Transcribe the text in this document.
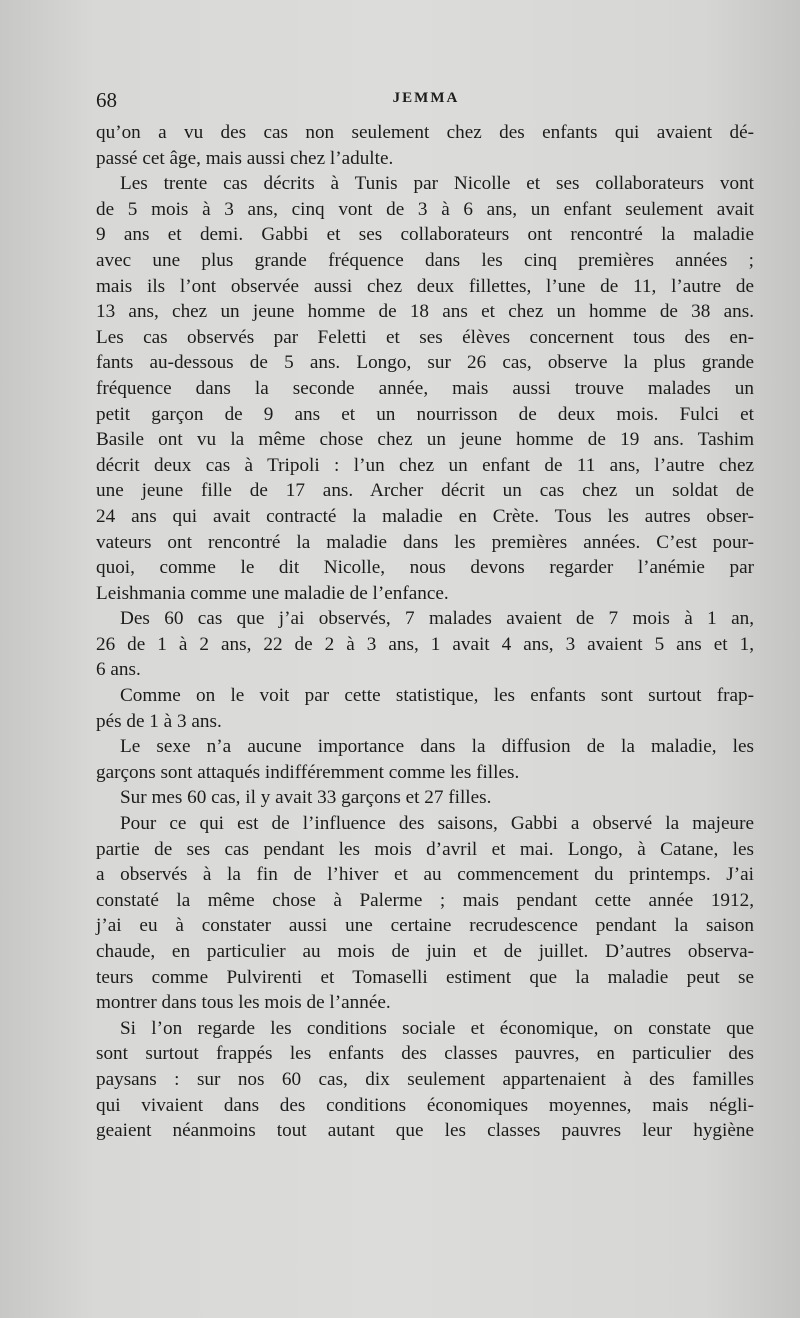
68	JEMMA
qu’on a vu des cas non seulement chez des enfants qui avaient dé-
passé cet âge, mais aussi chez l’adulte.
Les trente cas décrits à Tunis par Nicolle et ses collaborateurs vont
de 5 mois à 3 ans, cinq vont de 3 à 6 ans, un enfant seulement avait
9 ans et demi. Gabbi et ses collaborateurs ont rencontré la maladie
avec une plus grande fréquence dans les cinq premières années ;
mais ils l’ont observée aussi chez deux fillettes, l’une de 11, l’autre de
13 ans, chez un jeune homme de 18 ans et chez un homme de 38 ans.
Les cas observés par Feletti et ses élèves concernent tous des en-
fants au-dessous de 5 ans. Longo, sur 26 cas, observe la plus grande
fréquence dans la seconde année, mais aussi trouve malades un
petit garçon de 9 ans et un nourrisson de deux mois. Fulci et
Basile ont vu la même chose chez un jeune homme de 19 ans. Tashim
décrit deux cas à Tripoli : l’un chez un enfant de 11 ans, l’autre chez
une jeune fille de 17 ans. Archer décrit un cas chez un soldat de
24 ans qui avait contracté la maladie en Crète. Tous les autres obser-
vateurs ont rencontré la maladie dans les premières années. C’est pour-
quoi, comme le dit Nicolle, nous devons regarder l’anémie par
Leishmania comme une maladie de l’enfance.
Des 60 cas que j’ai observés, 7 malades avaient de 7 mois à 1 an,
26 de 1 à 2 ans, 22 de 2 à 3 ans, 1 avait 4 ans, 3 avaient 5 ans et 1,
6 ans.
Comme on le voit par cette statistique, les enfants sont surtout frap-
pés de 1 à 3 ans.
Le sexe n’a aucune importance dans la diffusion de la maladie, les
garçons sont attaqués indifféremment comme les filles.
Sur mes 60 cas, il y avait 33 garçons et 27 filles.
Pour ce qui est de l’influence des saisons, Gabbi a observé la majeure
partie de ses cas pendant les mois d’avril et mai. Longo, à Catane, les
a observés à la fin de l’hiver et au commencement du printemps. J’ai
constaté la même chose à Palerme ; mais pendant cette année 1912,
j’ai eu à constater aussi une certaine recrudescence pendant la saison
chaude, en particulier au mois de juin et de juillet. D’autres observa-
teurs comme Pulvirenti et Tomaselli estiment que la maladie peut se
montrer dans tous les mois de l’année.
Si l’on regarde les conditions sociale et économique, on constate que
sont surtout frappés les enfants des classes pauvres, en particulier des
paysans : sur nos 60 cas, dix seulement appartenaient à des familles
qui vivaient dans des conditions économiques moyennes, mais négli-
geaient néanmoins tout autant que les classes pauvres leur hygiène
